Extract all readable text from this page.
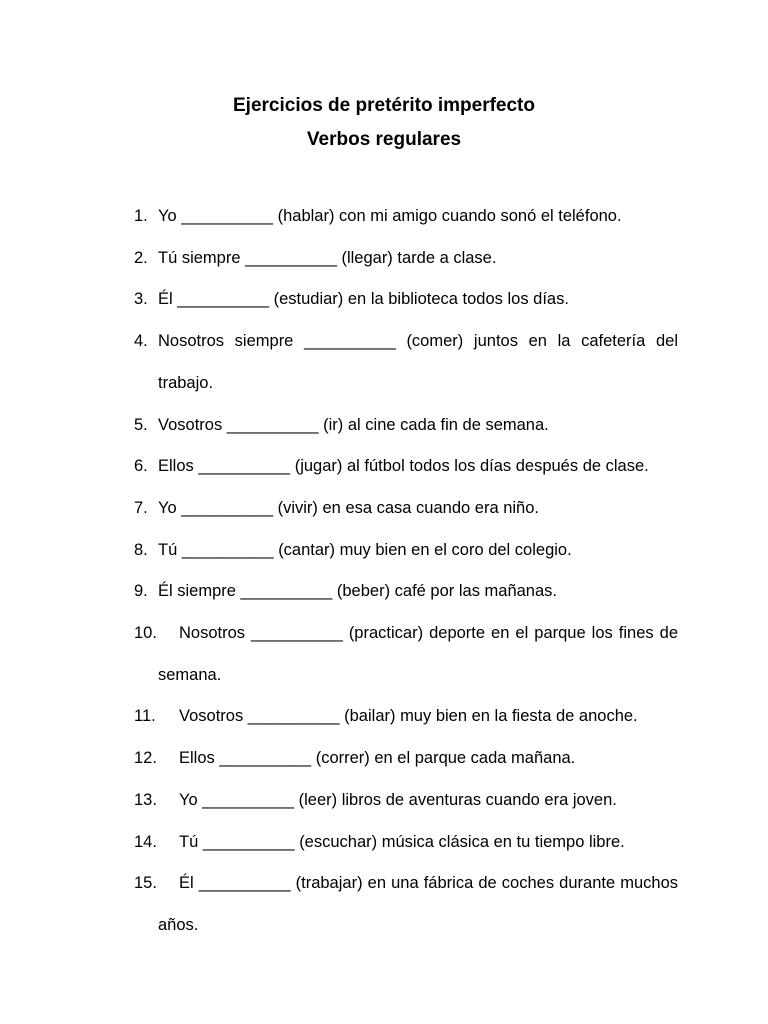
Ejercicios de pretérito imperfecto
Verbos regulares
1. Yo __________ (hablar) con mi amigo cuando sonó el teléfono.
2. Tú siempre __________ (llegar) tarde a clase.
3. Él __________ (estudiar) en la biblioteca todos los días.
4. Nosotros siempre __________ (comer) juntos en la cafetería del trabajo.
5. Vosotros __________ (ir) al cine cada fin de semana.
6. Ellos __________ (jugar) al fútbol todos los días después de clase.
7. Yo __________ (vivir) en esa casa cuando era niño.
8. Tú __________ (cantar) muy bien en el coro del colegio.
9. Él siempre __________ (beber) café por las mañanas.
10.	Nosotros __________ (practicar) deporte en el parque los fines de semana.
11.	Vosotros __________ (bailar) muy bien en la fiesta de anoche.
12.	Ellos __________ (correr) en el parque cada mañana.
13.	Yo __________ (leer) libros de aventuras cuando era joven.
14.	Tú __________ (escuchar) música clásica en tu tiempo libre.
15.	Él __________ (trabajar) en una fábrica de coches durante muchos años.
